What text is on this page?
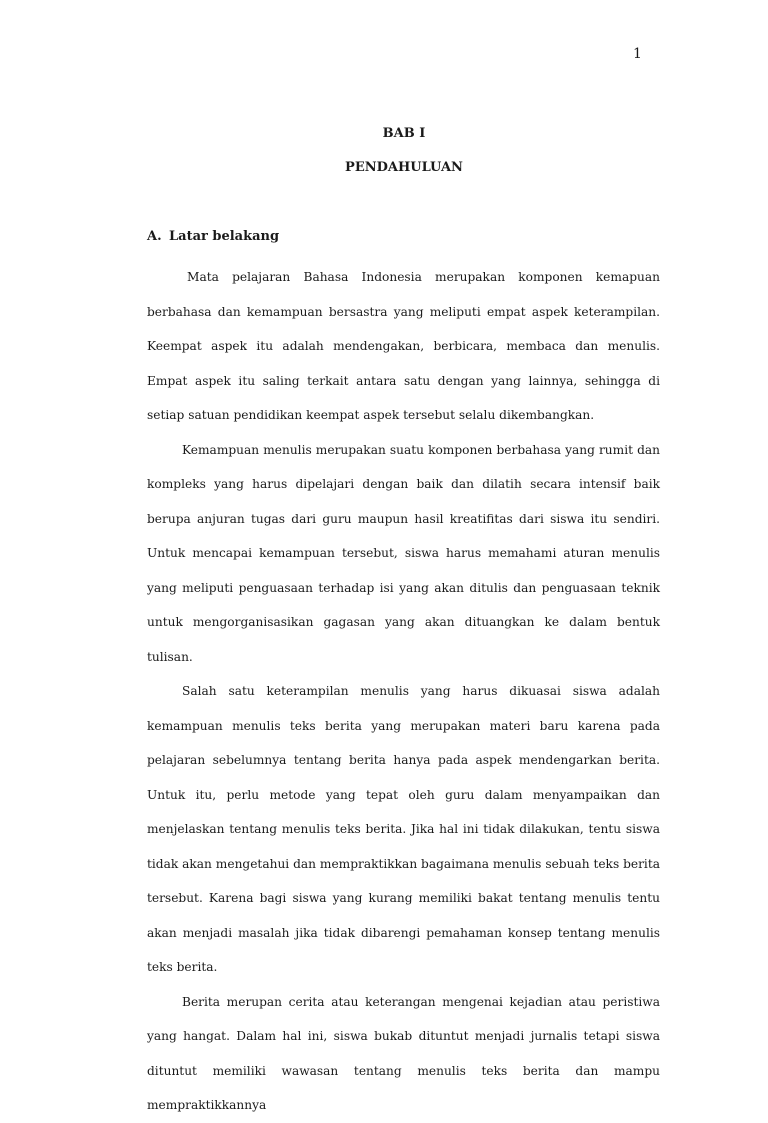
1
BAB I
PENDAHULUAN
A. Latar belakang

Mata pelajaran Bahasa Indonesia merupakan komponen kemapuan berbahasa dan kemampuan bersastra yang meliputi empat aspek keterampilan. Keempat aspek itu adalah mendengakan, berbicara, membaca dan menulis. Empat aspek itu saling terkait antara satu dengan yang lainnya, sehingga di setiap satuan pendidikan keempat aspek tersebut selalu dikembangkan.

Kemampuan menulis merupakan suatu komponen berbahasa yang rumit dan kompleks yang harus dipelajari dengan baik dan dilatih secara intensif baik berupa anjuran tugas dari guru maupun hasil kreatifitas dari siswa itu sendiri. Untuk mencapai kemampuan tersebut, siswa harus memahami aturan menulis yang meliputi penguasaan terhadap isi yang akan ditulis dan penguasaan teknik untuk mengorganisasikan gagasan yang akan dituangkan ke dalam bentuk tulisan.

Salah satu keterampilan menulis yang harus dikuasai siswa adalah kemampuan menulis teks berita yang merupakan materi baru karena pada pelajaran sebelumnya tentang berita hanya pada aspek mendengarkan berita. Untuk itu, perlu metode yang tepat oleh guru dalam menyampaikan dan menjelaskan tentang menulis teks berita. Jika hal ini tidak dilakukan, tentu siswa tidak akan mengetahui dan mempraktikkan bagaimana menulis sebuah teks berita tersebut. Karena bagi siswa yang kurang memiliki bakat tentang menulis tentu akan menjadi masalah jika tidak dibarengi pemahaman konsep tentang menulis teks berita.

Berita merupan cerita atau keterangan mengenai kejadian atau peristiwa yang hangat. Dalam hal ini, siswa bukab dituntut menjadi jurnalis tetapi siswa dituntut memiliki wawasan tentang menulis teks berita dan mampu mempraktikkannya
